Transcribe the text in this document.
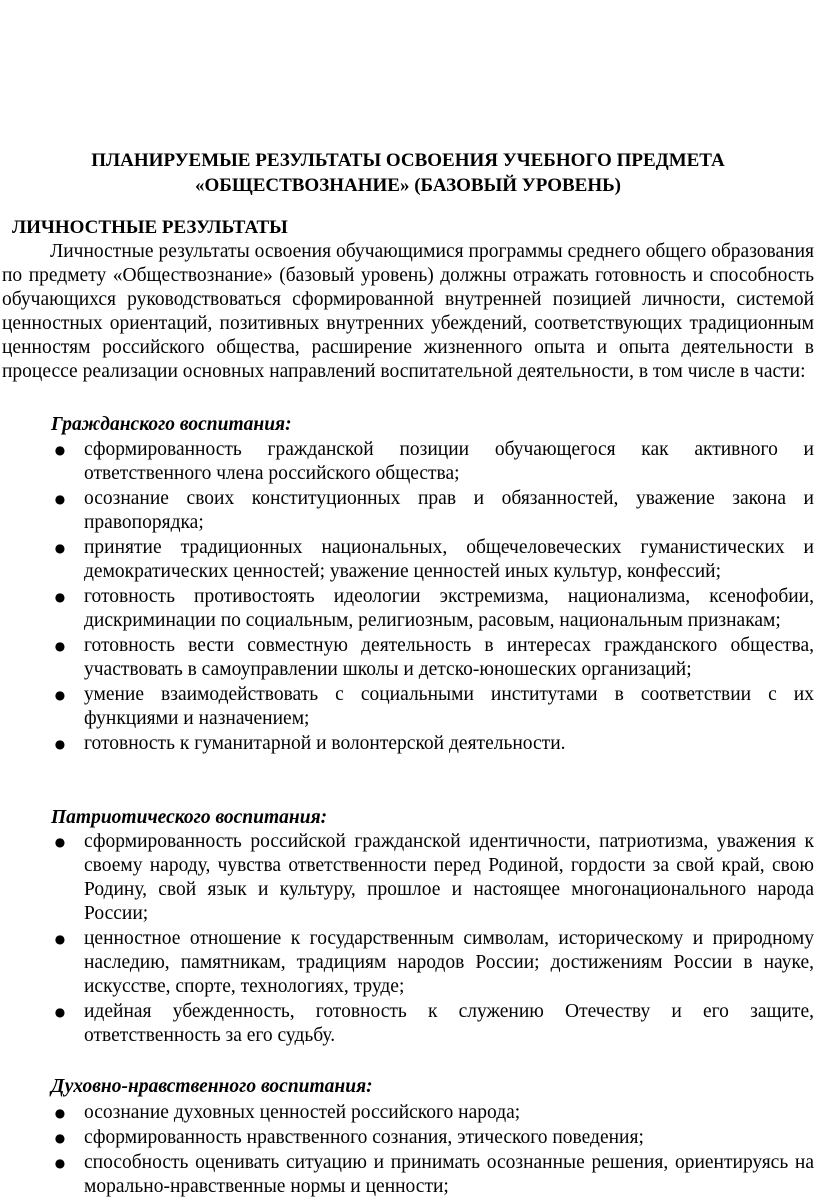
ПЛАНИРУЕМЫЕ РЕЗУЛЬТАТЫ ОСВОЕНИЯ УЧЕБНОГО ПРЕДМЕТА
«ОБЩЕСТВОЗНАНИЕ» (БАЗОВЫЙ УРОВЕНЬ)
ЛИЧНОСТНЫЕ РЕЗУЛЬТАТЫ

Личностные результаты освоения обучающимися программы среднего общего образования по предмету «Обществознание» (базовый уровень) должны отражать готовность и способность обучающихся руководствоваться сформированной внутренней позицией личности, системой ценностных ориентаций, позитивных внутренних убеждений, соответствующих традиционным ценностям российского общества, расширение жизненного опыта и опыта деятельности в процессе реализации основных направлений воспитательной деятельности, в том числе в части:

Гражданского воспитания:
● сформированность гражданской позиции обучающегося как активного и ответственного члена российского общества;
● осознание своих конституционных прав и обязанностей, уважение закона и правопорядка;
● принятие традиционных национальных, общечеловеческих гуманистических и демократических ценностей; уважение ценностей иных культур, конфессий;
● готовность противостоять идеологии экстремизма, национализма, ксенофобии, дискриминации по социальным, религиозным, расовым, национальным признакам;
● готовность вести совместную деятельность в интересах гражданского общества, участвовать в самоуправлении школы и детско-юношеских организаций;
● умение взаимодействовать с социальными институтами в соответствии с их функциями и назначением;
● готовность к гуманитарной и волонтерской деятельности.
Патриотического воспитания:
● сформированность российской гражданской идентичности, патриотизма, уважения к своему народу, чувства ответственности перед Родиной, гордости за свой край, свою Родину, свой язык и культуру, прошлое и настоящее многонационального народа России;
● ценностное отношение к государственным символам, историческому и природному наследию, памятникам, традициям народов России; достижениям России в науке, искусстве, спорте, технологиях, труде;
● идейная убежденность, готовность к служению Отечеству и его защите, ответственность за его судьбу.
Духовно-нравственного воспитания:
● осознание духовных ценностей российского народа;
● сформированность нравственного сознания, этического поведения;
● способность оценивать ситуацию и принимать осознанные решения, ориентируясь на морально-нравственные нормы и ценности;
